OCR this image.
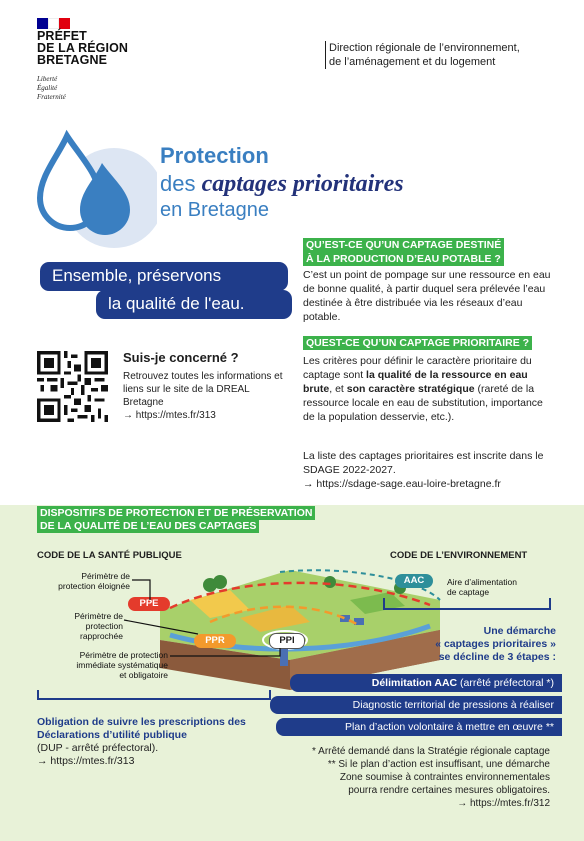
PRÉFET
DE LA RÉGION
BRETAGNE
Liberté
Égalité
Fraternité
Direction régionale de l’environnement,
de l’aménagement et du logement
Protection
des captages prioritaires
en Bretagne
Ensemble, préservons
la qualité de l'eau.
QU’EST-CE QU’UN CAPTAGE DESTINÉ
À LA PRODUCTION D’EAU POTABLE ?
C’est un point de pompage sur une ressource en eau de bonne qualité, à partir duquel sera prélevée l’eau destinée à être distribuée via les réseaux d’eau potable.
QUEST-CE QU’UN CAPTAGE PRIORITAIRE ?
Les critères pour définir le caractère prioritaire du captage sont la qualité de la ressource en eau brute, et son caractère stratégique (rareté de la ressource locale en eau de substitution, importance de la population desservie, etc.).
La liste des captages prioritaires est inscrite dans le SDAGE 2022-2027.
→ https://sdage-sage.eau-loire-bretagne.fr
Suis-je concerné ?
Retrouvez toutes les informations et liens sur le site de la DREAL Bretagne
→ https://mtes.fr/313
DISPOSITIFS DE PROTECTION ET DE PRÉSERVATION
DE LA QUALITÉ DE L’EAU DES CAPTAGES
CODE DE LA SANTÉ PUBLIQUE	CODE DE L’ENVIRONNEMENT
Périmètre de
protection éloignée
PPE
Périmètre de
protection
rapprochée	PPR
Périmètre de protection
immédiate systématique
et obligatoire
PPI
AAC	Aire d’alimentation
de captage
Une démarche
« captages prioritaires »
se décline de 3 étapes :
Délimitation AAC (arrêté préfectoral *)
Diagnostic territorial de pressions à réaliser
Plan d’action volontaire à mettre en œuvre **
Obligation de suivre les prescriptions des Déclarations d’utilité publique
(DUP - arrêté préfectoral).
→ https://mtes.fr/313
* Arrêté demandé dans la Stratégie régionale captage
** Si le plan d’action est insuffisant, une démarche
Zone soumise à contraintes environnementales
pourra rendre certaines mesures obligatoires.
→ https://mtes.fr/312
